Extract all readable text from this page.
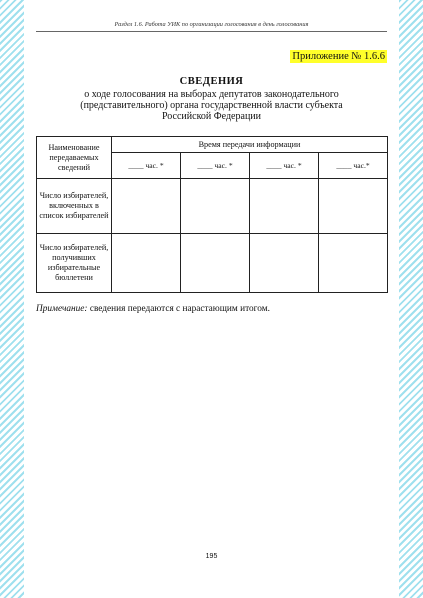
Раздел 1.6. Работа УИК по организации голосования в день голосования
Приложение № 1.6.6
СВЕДЕНИЯ
о ходе голосования на выборах депутатов законодательного
(представительного) органа государственной власти субъекта
Российской Федерации
Наименование передаваемых сведений	Время передачи информации			
	____ час. *	____ час. *	____ час. *	____ час.*
Число избирателей, включенных в список избирателей				
Число избирателей, получивших избирательные бюллетени				
Примечание: сведения передаются с нарастающим итогом.
195
